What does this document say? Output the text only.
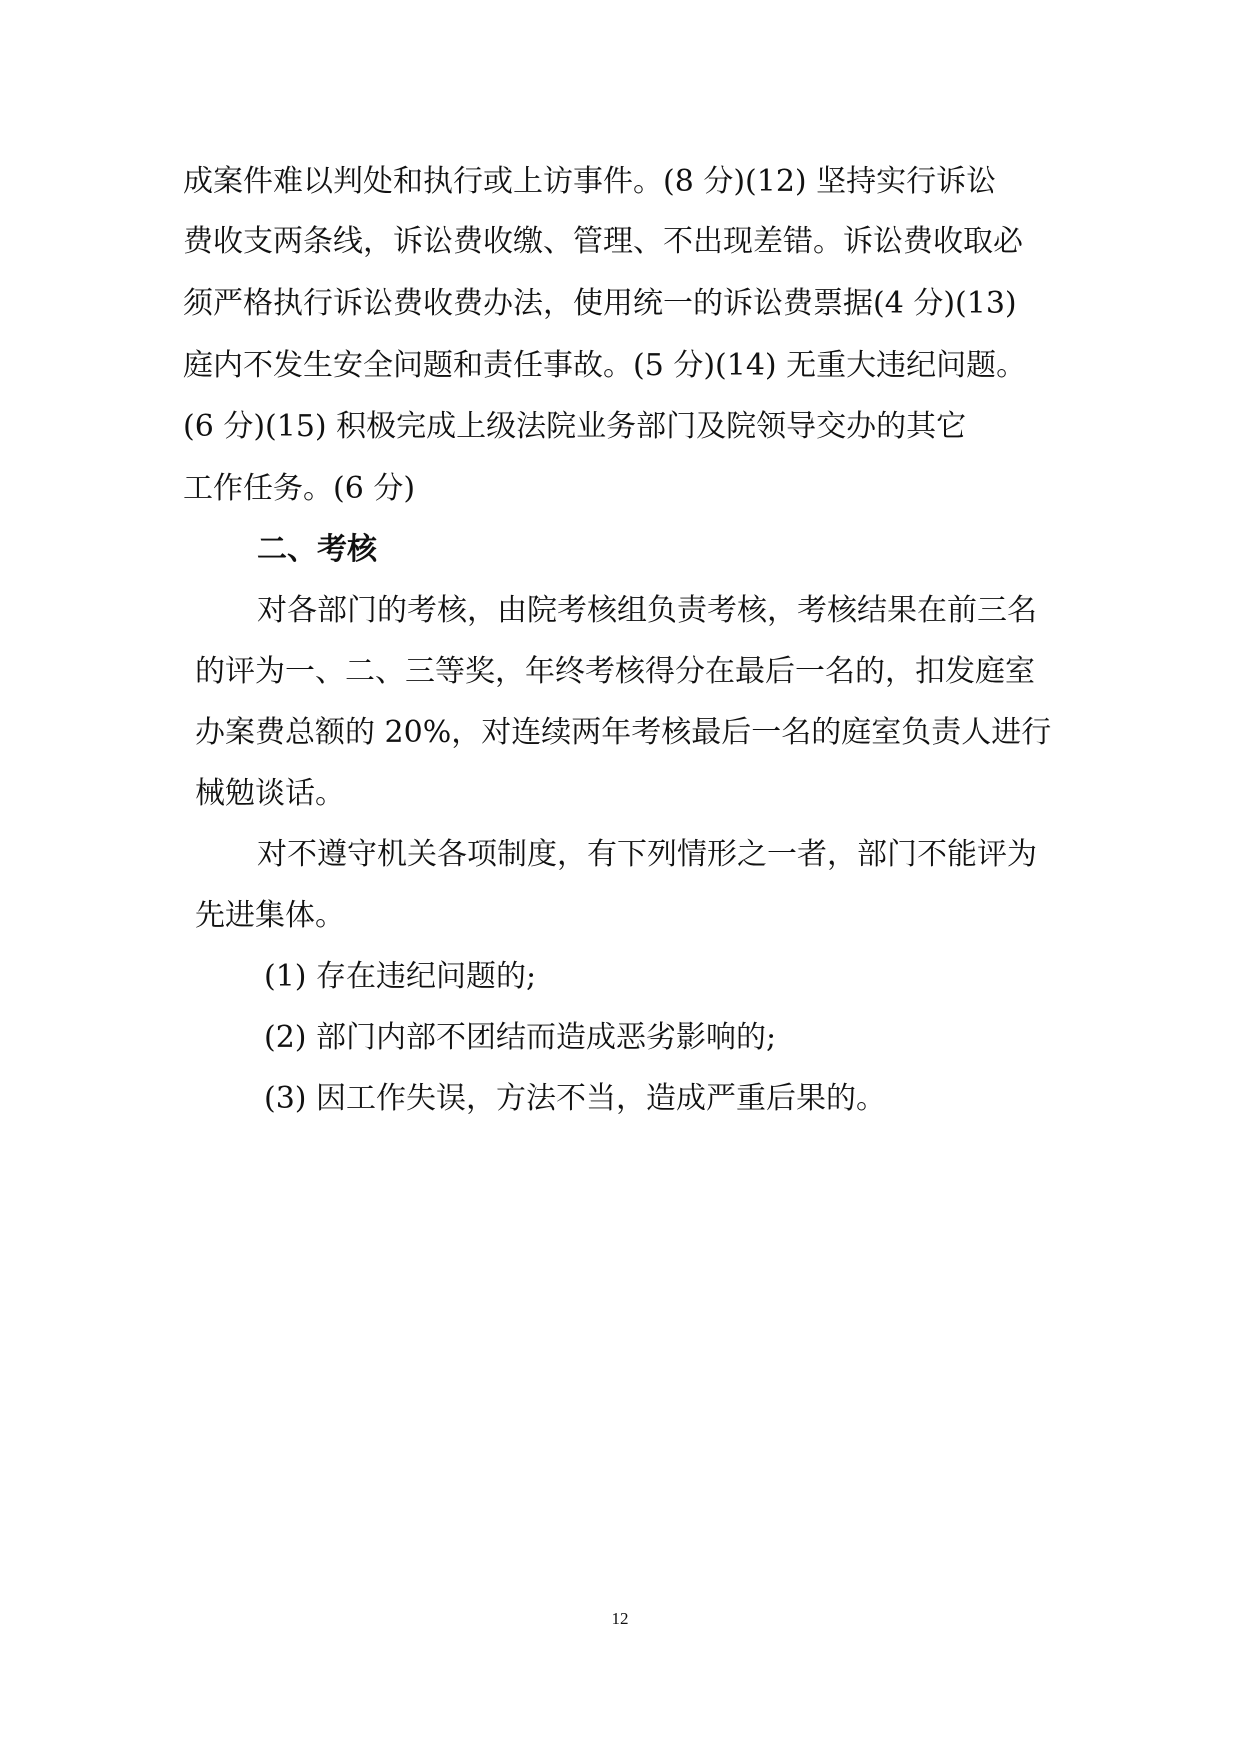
成案件难以判处和执行或上访事件。(8 分)(12) 坚持实行诉讼
费收支两条线，诉讼费收缴、管理、不出现差错。诉讼费收取必
须严格执行诉讼费收费办法，使用统一的诉讼费票据(4 分)(13)
庭内不发生安全问题和责任事故。(5 分)(14) 无重大违纪问题。
(6 分)(15) 积极完成上级法院业务部门及院领导交办的其它
工作任务。(6 分)
二、考核
对各部门的考核，由院考核组负责考核，考核结果在前三名
的评为一、二、三等奖，年终考核得分在最后一名的，扣发庭室
办案费总额的 20%，对连续两年考核最后一名的庭室负责人进行
械勉谈话。
对不遵守机关各项制度，有下列情形之一者，部门不能评为
先进集体。
(1) 存在违纪问题的;
(2) 部门内部不团结而造成恶劣影响的;
(3) 因工作失误，方法不当，造成严重后果的。
12
